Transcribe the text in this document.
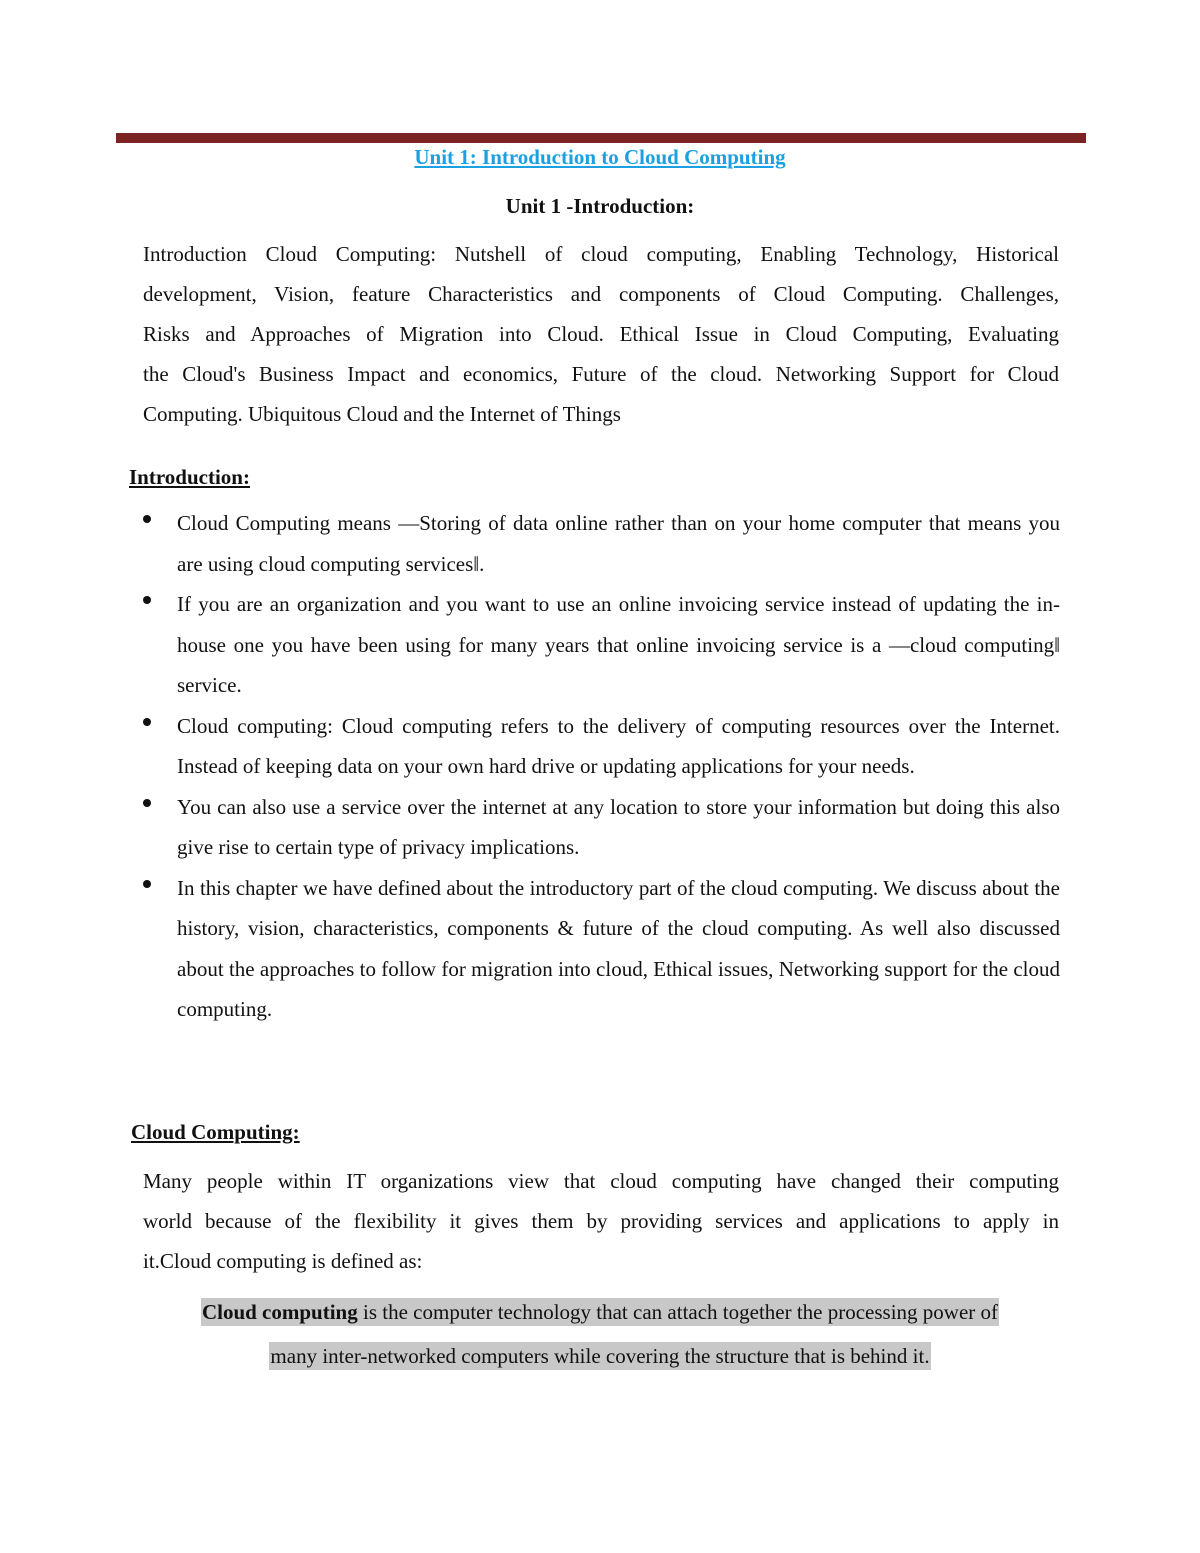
Unit 1: Introduction to Cloud Computing
Unit 1 -Introduction:

Introduction Cloud Computing: Nutshell of cloud computing, Enabling Technology, Historical
development, Vision, feature Characteristics and components of Cloud Computing. Challenges,
Risks and Approaches of Migration into Cloud. Ethical Issue in Cloud Computing, Evaluating
the Cloud's Business Impact and economics, Future of the cloud. Networking Support for Cloud
Computing. Ubiquitous Cloud and the Internet of Things

Introduction:
Cloud Computing means ―Storing of data online rather than on your home computer that means you are using cloud computing services‖.
If you are an organization and you want to use an online invoicing service instead of updating the in-house one you have been using for many years that online invoicing service is a ―cloud computing‖ service.
Cloud computing: Cloud computing refers to the delivery of computing resources over the Internet. Instead of keeping data on your own hard drive or updating applications for your needs.
You can also use a service over the internet at any location to store your information but doing this also give rise to certain type of privacy implications.
In this chapter we have defined about the introductory part of the cloud computing. We discuss about the history, vision, characteristics, components & future of the cloud computing. As well also discussed about the approaches to follow for migration into cloud, Ethical issues, Networking support for the cloud computing.
Cloud Computing:

Many people within IT organizations view that cloud computing have changed their computing
world because of the flexibility it gives them by providing services and applications to apply in
it.Cloud computing is defined as:

Cloud computing is the computer technology that can attach together the processing power of
many inter-networked computers while covering the structure that is behind it.
